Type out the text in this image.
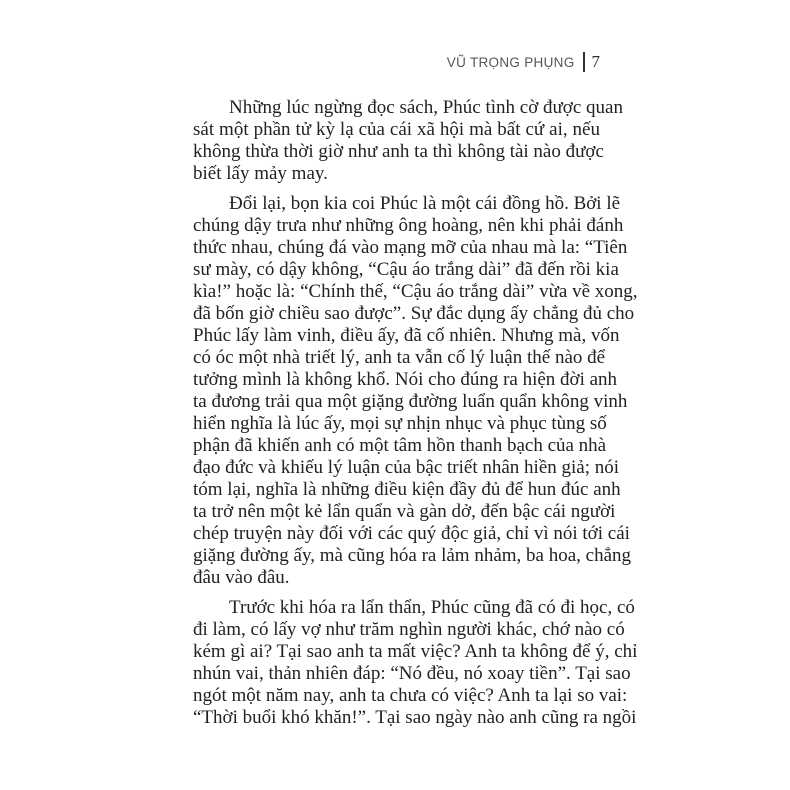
VŨ TRỌNG PHỤNG 7
Những lúc ngừng đọc sách, Phúc tình cờ được quan
sát một phần tử kỳ lạ của cái xã hội mà bất cứ ai, nếu
không thừa thời giờ như anh ta thì không tài nào được
biết lấy mảy may.
Đổi lại, bọn kia coi Phúc là một cái đồng hồ. Bởi lẽ
chúng dậy trưa như những ông hoàng, nên khi phải đánh
thức nhau, chúng đá vào mạng mỡ của nhau mà la: “Tiên
sư mày, có dậy không, “Cậu áo trắng dài” đã đến rồi kia
kìa!” hoặc là: “Chính thế, “Cậu áo trắng dài” vừa về xong,
đã bốn giờ chiều sao được”. Sự đắc dụng ấy chẳng đủ cho
Phúc lấy làm vinh, điều ấy, đã cố nhiên. Nhưng mà, vốn
có óc một nhà triết lý, anh ta vẫn cố lý luận thế nào để
tưởng mình là không khổ. Nói cho đúng ra hiện đời anh
ta đương trải qua một giặng đường luẩn quẩn không vinh
hiển nghĩa là lúc ấy, mọi sự nhịn nhục và phục tùng số
phận đã khiến anh có một tâm hồn thanh bạch của nhà
đạo đức và khiếu lý luận của bậc triết nhân hiền giả; nói
tóm lại, nghĩa là những điều kiện đầy đủ để hun đúc anh
ta trở nên một kẻ lẩn quẩn và gàn dở, đến bậc cái người
chép truyện này đối với các quý độc giả, chỉ vì nói tới cái
giặng đường ấy, mà cũng hóa ra lảm nhảm, ba hoa, chẳng
đâu vào đâu.
Trước khi hóa ra lẩn thẩn, Phúc cũng đã có đi học, có
đi làm, có lấy vợ như trăm nghìn người khác, chớ nào có
kém gì ai? Tại sao anh ta mất việc? Anh ta không để ý, chỉ
nhún vai, thản nhiên đáp: “Nó đều, nó xoay tiền”. Tại sao
ngót một năm nay, anh ta chưa có việc? Anh ta lại so vai:
“Thời buổi khó khăn!”. Tại sao ngày nào anh cũng ra ngồi
